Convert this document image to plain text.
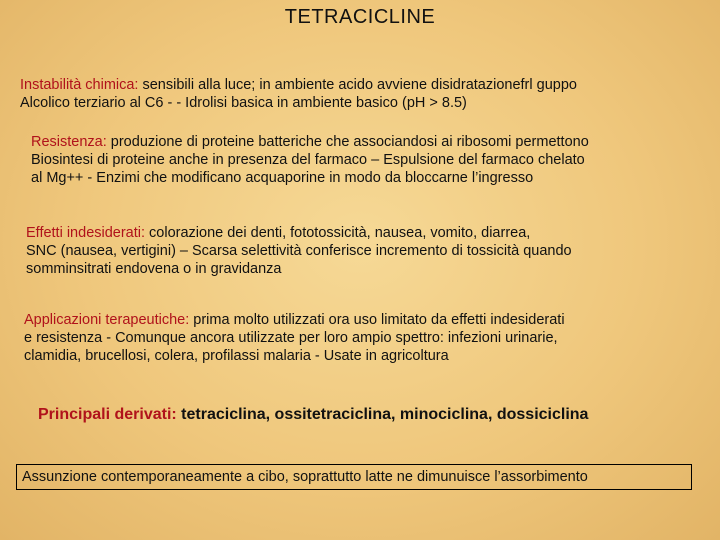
TETRACICLINE

Instabilità chimica: sensibili alla luce; in ambiente acido avviene disidratazionefrl guppo

Alcolico terziario al C6 - - Idrolisi basica in ambiente basico (pH > 8.5)

Resistenza: produzione di proteine batteriche che associandosi ai ribosomi permettono

Biosintesi di proteine anche in presenza del farmaco – Espulsione del farmaco chelato

al Mg++ - Enzimi che modificano acquaporine in modo da bloccarne l’ingresso

Effetti indesiderati: colorazione dei denti, fototossicità, nausea, vomito, diarrea,

SNC (nausea, vertigini) – Scarsa selettività conferisce incremento di tossicità quando

somminsitrati endovena o in gravidanza

Applicazioni terapeutiche: prima molto utilizzati ora uso limitato da effetti indesiderati

e resistenza - Comunque ancora utilizzate per loro ampio spettro: infezioni urinarie,

clamidia, brucellosi, colera, profilassi malaria - Usate in agricoltura

Principali derivati: tetraciclina, ossitetraciclina, minociclina, dossiciclina

Assunzione contemporaneamente a cibo, soprattutto latte ne dimunuisce l’assorbimento
